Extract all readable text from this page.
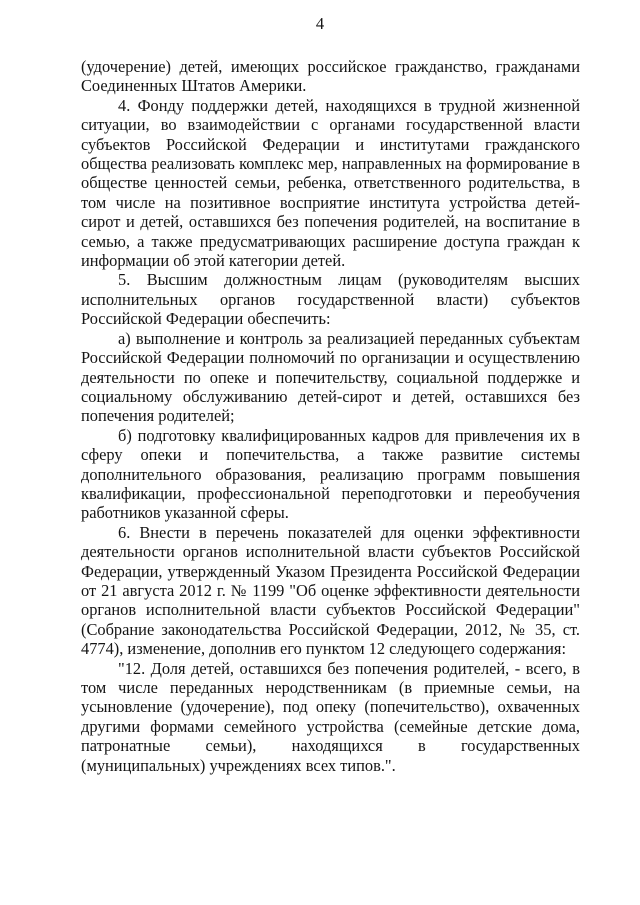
4

(удочерение) детей, имеющих российское гражданство, гражданами Соединенных Штатов Америки.

4. Фонду поддержки детей, находящихся в трудной жизненной ситуации, во взаимодействии с органами государственной власти субъектов Российской Федерации и институтами гражданского общества реализовать комплекс мер, направленных на формирование в обществе ценностей семьи, ребенка, ответственного родительства, в том числе на позитивное восприятие института устройства детей-сирот и детей, оставшихся без попечения родителей, на воспитание в семью, а также предусматривающих расширение доступа граждан к информации об этой категории детей.

5. Высшим должностным лицам (руководителям высших исполнительных органов государственной власти) субъектов Российской Федерации обеспечить:

а) выполнение и контроль за реализацией переданных субъектам Российской Федерации полномочий по организации и осуществлению деятельности по опеке и попечительству, социальной поддержке и социальному обслуживанию детей-сирот и детей, оставшихся без попечения родителей;

б) подготовку квалифицированных кадров для привлечения их в сферу опеки и попечительства, а также развитие системы дополнительного образования, реализацию программ повышения квалификации, профессиональной переподготовки и переобучения работников указанной сферы.

6. Внести в перечень показателей для оценки эффективности деятельности органов исполнительной власти субъектов Российской Федерации, утвержденный Указом Президента Российской Федерации от 21 августа 2012 г. № 1199 "Об оценке эффективности деятельности органов исполнительной власти субъектов Российской Федерации" (Собрание законодательства Российской Федерации, 2012, № 35, ст. 4774), изменение, дополнив его пунктом 12 следующего содержания:

"12. Доля детей, оставшихся без попечения родителей, - всего, в том числе переданных неродственникам (в приемные семьи, на усыновление (удочерение), под опеку (попечительство), охваченных другими формами семейного устройства (семейные детские дома, патронатные семьи), находящихся в государственных (муниципальных) учреждениях всех типов.".
